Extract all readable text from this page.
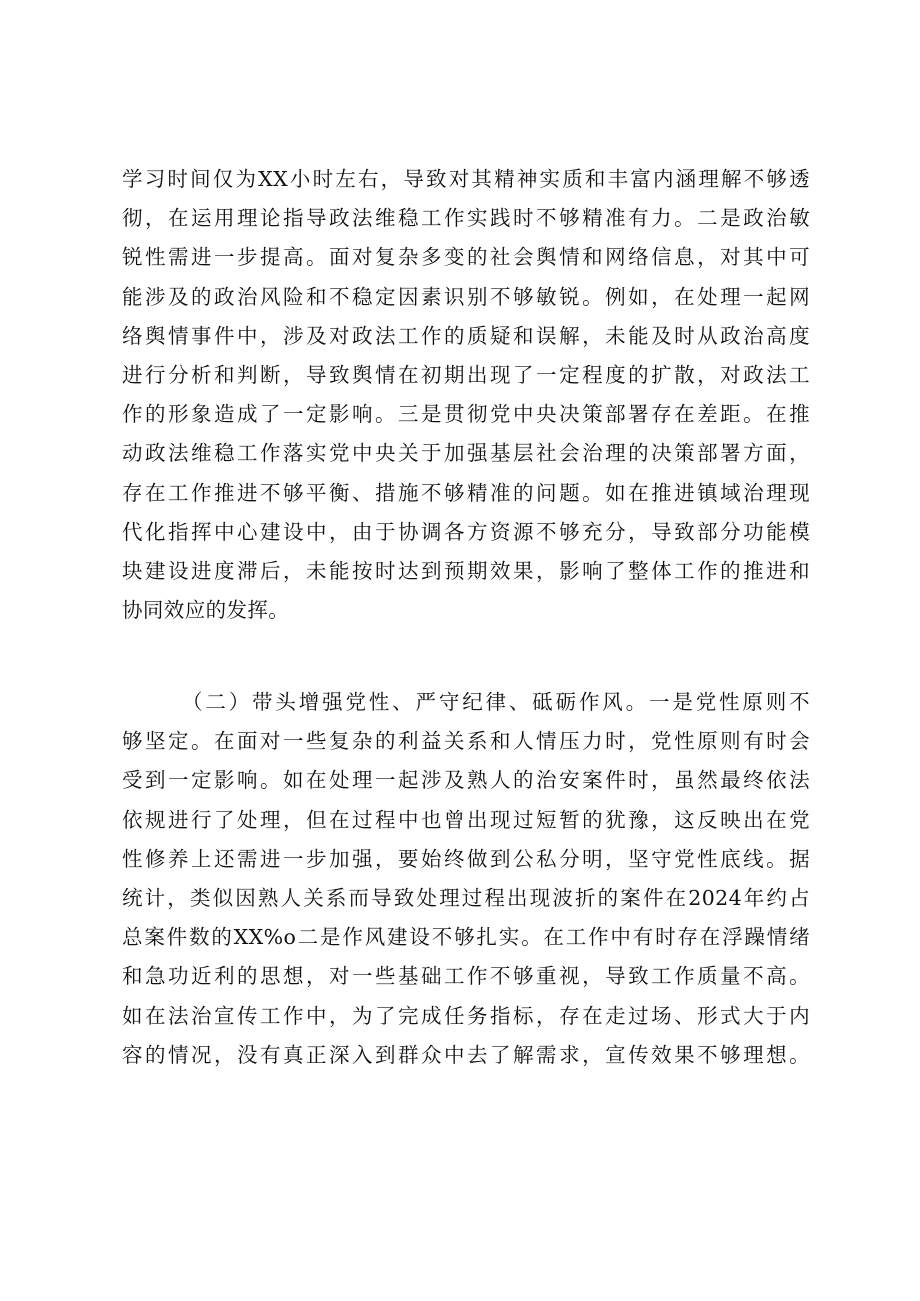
学习时间仅为XX小时左右，导致对其精神实质和丰富内涵理解不够透
彻，在运用理论指导政法维稳工作实践时不够精准有力。二是政治敏
锐性需进一步提高。面对复杂多变的社会舆情和网络信息，对其中可
能涉及的政治风险和不稳定因素识别不够敏锐。例如，在处理一起网
络舆情事件中，涉及对政法工作的质疑和误解，未能及时从政治高度
进行分析和判断，导致舆情在初期出现了一定程度的扩散，对政法工
作的形象造成了一定影响。三是贯彻党中央决策部署存在差距。在推
动政法维稳工作落实党中央关于加强基层社会治理的决策部署方面，
存在工作推进不够平衡、措施不够精准的问题。如在推进镇域治理现
代化指挥中心建设中，由于协调各方资源不够充分，导致部分功能模
块建设进度滞后，未能按时达到预期效果，影响了整体工作的推进和
协同效应的发挥。
（二）带头增强党性、严守纪律、砥砺作风。一是党性原则不
够坚定。在面对一些复杂的利益关系和人情压力时，党性原则有时会
受到一定影响。如在处理一起涉及熟人的治安案件时，虽然最终依法
依规进行了处理，但在过程中也曾出现过短暂的犹豫，这反映出在党
性修养上还需进一步加强，要始终做到公私分明，坚守党性底线。据
统计，类似因熟人关系而导致处理过程出现波折的案件在2024年约占
总案件数的XX%o二是作风建设不够扎实。在工作中有时存在浮躁情绪
和急功近利的思想，对一些基础工作不够重视，导致工作质量不高。
如在法治宣传工作中，为了完成任务指标，存在走过场、形式大于内
容的情况，没有真正深入到群众中去了解需求，宣传效果不够理想。
